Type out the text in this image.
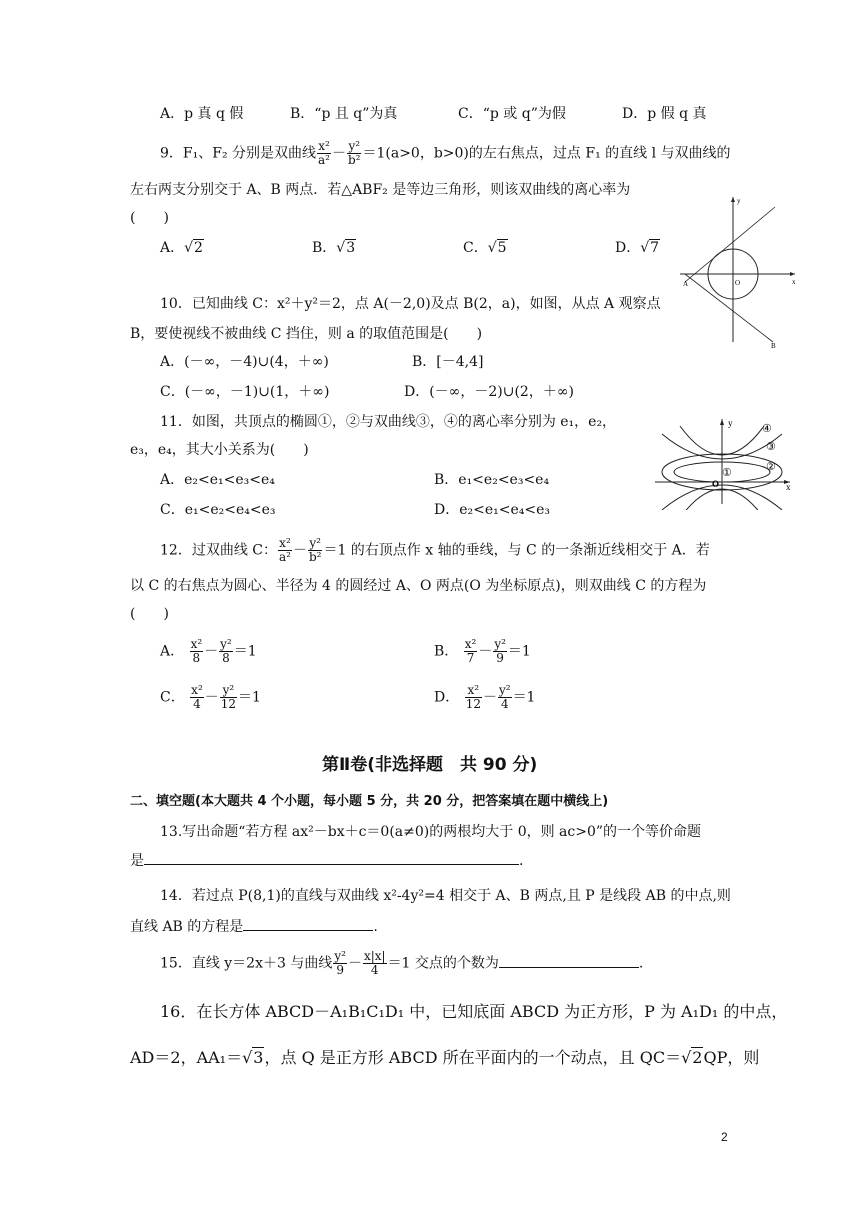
A．p 真 q 假	B．“p 且 q”为真	C．“p 或 q”为假	D．p 假 q 真
9．F₁、F₂ 分别是双曲线 $\frac{\text{x²}}{\text{a²}} - \frac{\text{y²}}{\text{b²}} =1(a>0$，b>0)的左右焦点，过点 F₁ 的直线 l 与双曲线的
左右两支分别交于 A、B 两点．若△ABF₂ 是等边三角形，则该双曲线的离心率为
(　　)
A．√2	B．√3	C．√5	D．√7
y
x
A	O
B
10．已知曲线 C：x²＋y²＝2，点 A(－2,0)及点 B(2，a)，如图，从点 A 观察点
B，要使视线不被曲线 C 挡住，则 a 的取值范围是(　　)
A．(－∞，－4)∪(4，＋∞)	B．[－4,4]
C．(－∞，－1)∪(1，＋∞)	D．(－∞，－2)∪(2，＋∞)
y
x
O
①	②
③
④
11．如图，共顶点的椭圆①，②与双曲线③，④的离心率分别为 e₁，e₂，
e₃，e₄，其大小关系为(　　)
A．e₂<e₁<e₃<e₄	B．e₁<e₂<e₃<e₄
C．e₁<e₂<e₄<e₃	D．e₂<e₁<e₄<e₃
12．过双曲线 C： $\frac{\text{x²}}{\text{a²}} - \frac{\text{y²}}{\text{b²}} =1$ 的右顶点作 x 轴的垂线，与 C 的一条渐近线相交于 A．若
以 C 的右焦点为圆心、半径为 4 的圆经过 A、O 两点(O 为坐标原点)，则双曲线 C 的方程为
(　　)
A． $\frac{\text{x²}}{8} - \frac{\text{y²}}{8} =1$	B． $\frac{\text{x²}}{7} - \frac{\text{y²}}{9} =1$
C． $\frac{\text{x²}}{4} - \frac{\text{y²}}{12} =1$	D． $\frac{\text{x²}}{12} - \frac{\text{y²}}{4} =1$
第Ⅱ卷(非选择题　共 90 分)
二、填空题(本大题共 4 个小题，每小题 5 分，共 20 分，把答案填在题中横线上)
13.写出命题“若方程 ax²－bx＋c＝0(a≠0)的两根均大于 0，则 ac>0”的一个等价命题
是	.
14．若过点 P(8,1)的直线与双曲线 x²-4y²=4 相交于 A、B 两点,且 P 是线段 AB 的中点,则
直线 AB 的方程是	.
15．直线 y＝2x＋3 与曲线 $\frac{\text{y²}}{9} - \frac{x|x|}{4} =1$ 交点的个数为	.
16．在长方体 ABCD－A₁B₁C₁D₁ 中，已知底面 ABCD 为正方形，P 为 A₁D₁ 的中点，
AD＝2，AA₁＝√3，点 Q 是正方形 ABCD 所在平面内的一个动点，且 QC＝√2QP，则
2
